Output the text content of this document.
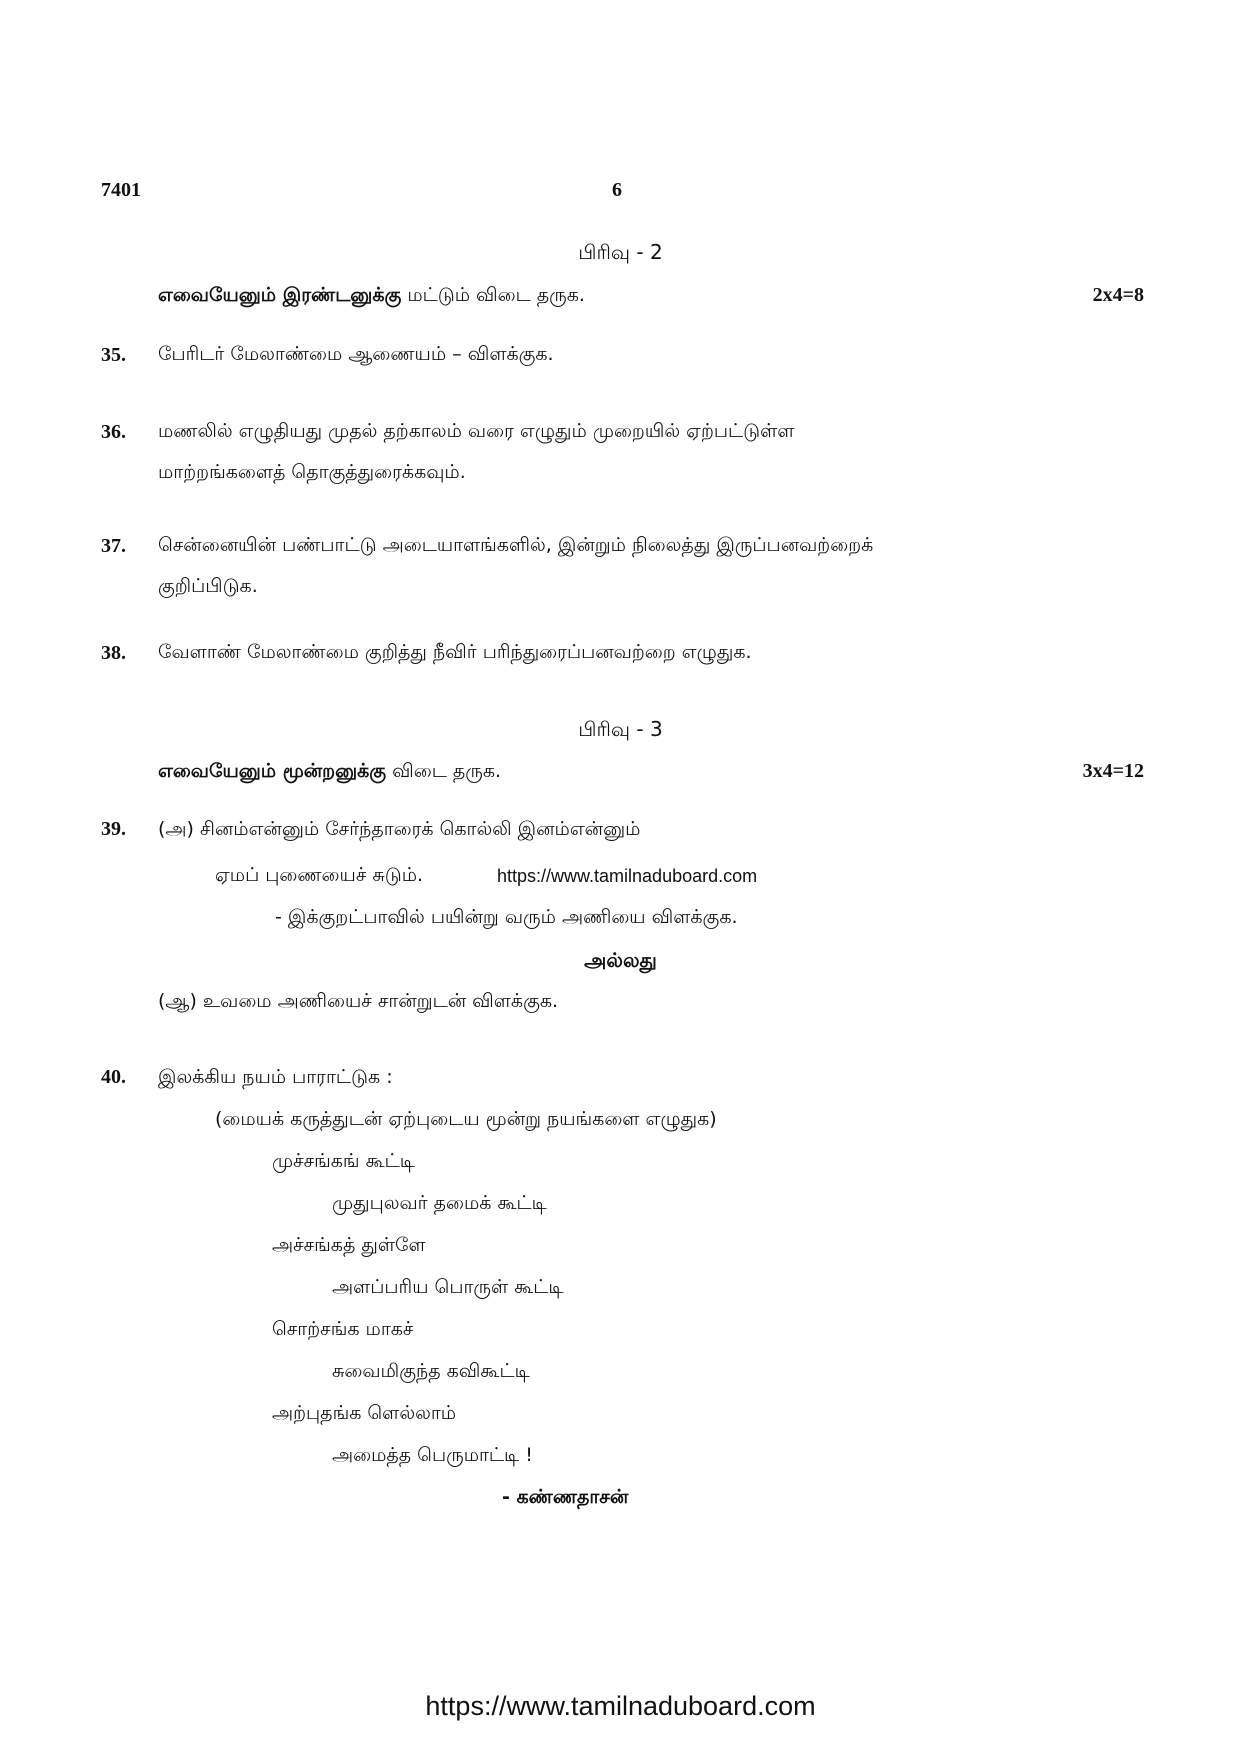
7401	6
பிரிவு - 2
எவையேனும் இரண்டனுக்கு மட்டும் விடை தருக.	2x4=8
35. பேரிடர் மேலாண்மை ஆணையம் – விளக்குக.
36. மணலில் எழுதியது முதல் தற்காலம் வரை எழுதும் முறையில் ஏற்பட்டுள்ள
மாற்றங்களைத் தொகுத்துரைக்கவும்.
37. சென்னையின் பண்பாட்டு அடையாளங்களில், இன்றும் நிலைத்து இருப்பனவற்றைக்
குறிப்பிடுக.
38. வேளாண் மேலாண்மை குறித்து நீவிர் பரிந்துரைப்பனவற்றை எழுதுக.
பிரிவு - 3
எவையேனும் மூன்றனுக்கு விடை தருக.	3x4=12
39. (அ) சினம்என்னும் சேர்ந்தாரைக் கொல்லி இனம்என்னும்
ஏமப் புணையைச் சுடும்.	https://www.tamilnaduboard.com
- இக்குறட்பாவில் பயின்று வரும் அணியை விளக்குக.
அல்லது
(ஆ) உவமை அணியைச் சான்றுடன் விளக்குக.
40. இலக்கிய நயம் பாராட்டுக :
(மையக் கருத்துடன் ஏற்புடைய மூன்று நயங்களை எழுதுக)
முச்சங்கங் கூட்டி
முதுபுலவர் தமைக் கூட்டி
அச்சங்கத் துள்ளே
அளப்பரிய பொருள் கூட்டி
சொற்சங்க மாகச்
சுவைமிகுந்த கவிகூட்டி
அற்புதங்க ளெல்லாம்
அமைத்த பெருமாட்டி !
- கண்ணதாசன்
https://www.tamilnaduboard.com
